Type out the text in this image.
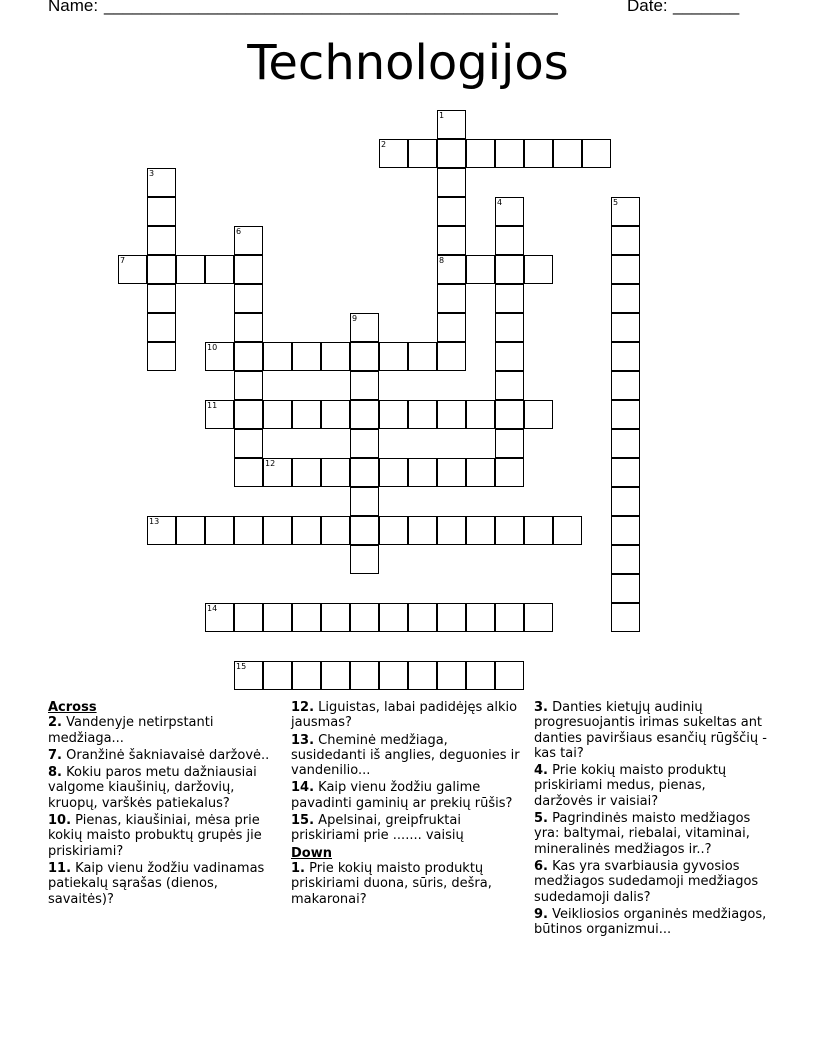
Name: ________________________________________________	Date: _______
Technologijos
1
8
2
3
4	5
6
7
9
10
11
12
13
14
15
Across
2. Vandenyje netirpstanti medžiaga...
7. Oranžinė šakniavaisė daržovė..
8. Kokiu paros metu dažniausiai valgome kiaušinių, daržovių, kruopų, varškės patiekalus?
10. Pienas, kiaušiniai, mėsa prie kokių maisto probuktų grupės jie priskiriami?
11. Kaip vienu žodžiu vadinamas patiekalų sąrašas (dienos, savaitės)?
12. Liguistas, labai padidėjęs alkio jausmas?
13. Cheminė medžiaga, susidedanti iš anglies, deguonies ir vandenilio...
14. Kaip vienu žodžiu galime pavadinti gaminių ar prekių rūšis?
15. Apelsinai, greipfruktai priskiriami prie ....... vaisių
Down
1. Prie kokių maisto produktų priskiriami duona, sūris, dešra, makaronai?
3. Danties kietųjų audinių progresuojantis irimas sukeltas ant danties paviršiaus esančių rūgščių - kas tai?
4. Prie kokių maisto produktų priskiriami medus, pienas, daržovės ir vaisiai?
5. Pagrindinės maisto medžiagos yra: baltymai, riebalai, vitaminai, mineralinės medžiagos ir..?
6. Kas yra svarbiausia gyvosios medžiagos sudedamoji medžiagos sudedamoji dalis?
9. Veikliosios organinės medžiagos, būtinos organizmui...
